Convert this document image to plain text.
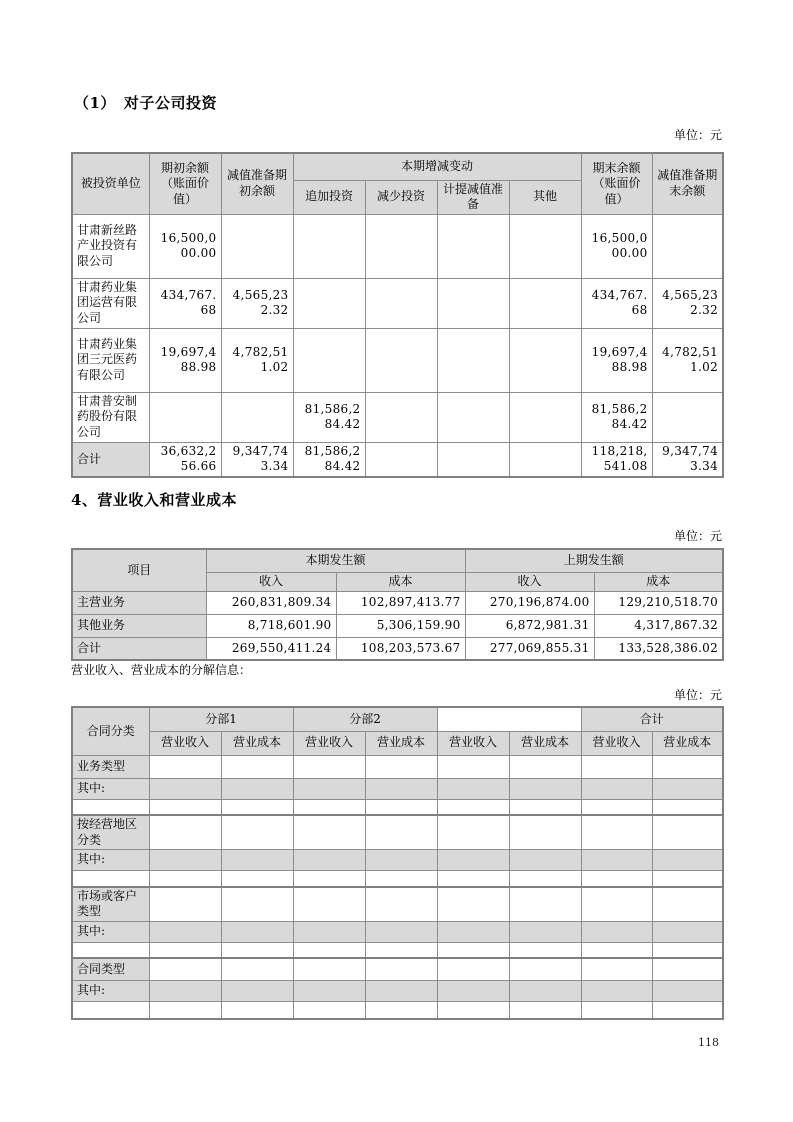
（1）　对子公司投资
单位：元
被投资单位	期初余额（账面价值）	减值准备期初余额	本期增减变动				期末余额（账面价值）	减值准备期末余额
			追加投资	减少投资	计提减值准备	其他		
甘肃新丝路产业投资有限公司	16,500,000.00						16,500,000.00	
甘肃药业集团运营有限公司	434,767.68	4,565,232.32					434,767.68	4,565,232.32
甘肃药业集团三元医药有限公司	19,697,488.98	4,782,511.02					19,697,488.98	4,782,511.02
甘肃普安制药股份有限公司			81,586,284.42				81,586,284.42	
合计	36,632,256.66	9,347,743.34	81,586,284.42				118,218,541.08	9,347,743.34
4、营业收入和营业成本
单位：元
项目	本期发生额		上期发生额	
	收入	成本	收入	成本
主营业务	260,831,809.34	102,897,413.77	270,196,874.00	129,210,518.70
其他业务	8,718,601.90	5,306,159.90	6,872,981.31	4,317,867.32
合计	269,550,411.24	108,203,573.67	277,069,855.31	133,528,386.02
营业收入、营业成本的分解信息：
单位：元
合同分类	分部1		分部2				合计	
	营业收入	营业成本	营业收入	营业成本	营业收入	营业成本	营业收入	营业成本
业务类型								
其中:								

按经营地区分类								
其中:								

市场或客户类型								
其中:								

合同类型								
其中:								

118
